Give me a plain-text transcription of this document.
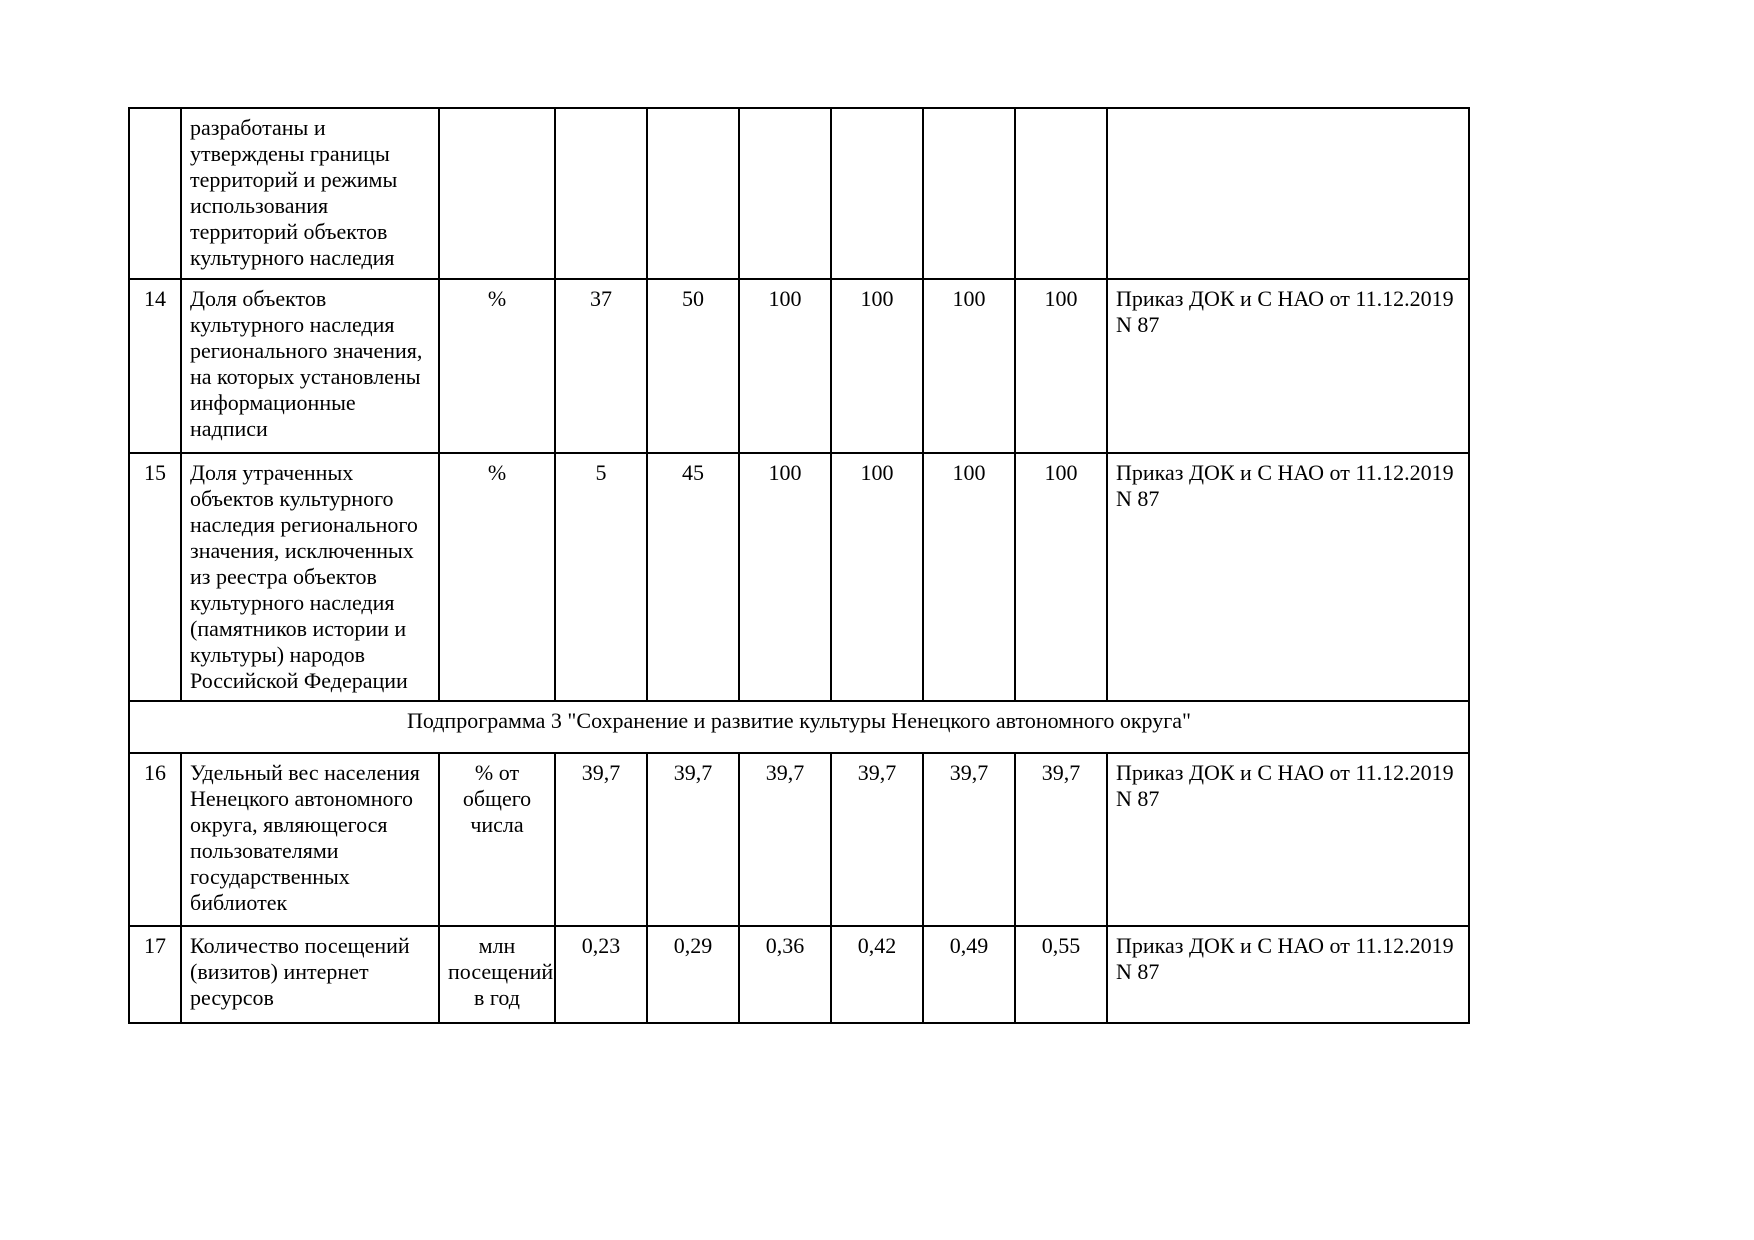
	разработаны и утверждены границы территорий и режимы использования территорий объектов культурного наследия								
14	Доля объектов культурного наследия регионального значения, на которых установлены информационные надписи	%	37	50	100	100	100	100	Приказ ДОК и С НАО от 11.12.2019 N 87
15	Доля утраченных объектов культурного наследия регионального значения, исключенных из реестра объектов культурного наследия (памятников истории и культуры) народов Российской Федерации	%	5	45	100	100	100	100	Приказ ДОК и С НАО от 11.12.2019 N 87
Подпрограмма 3 "Сохранение и развитие культуры Ненецкого автономного округа"									
16	Удельный вес населения Ненецкого автономного округа, являющегося пользователями государственных библиотек	% от общего числа	39,7	39,7	39,7	39,7	39,7	39,7	Приказ ДОК и С НАО от 11.12.2019 N 87
17	Количество посещений (визитов) интернет ресурсов	млн посещений в год	0,23	0,29	0,36	0,42	0,49	0,55	Приказ ДОК и С НАО от 11.12.2019 N 87
